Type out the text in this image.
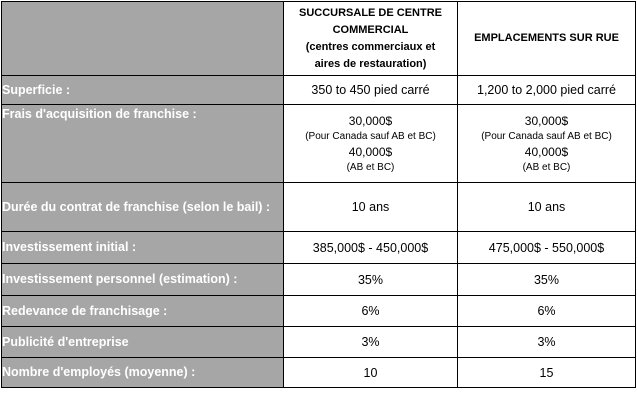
	SUCCURSALE DE CENTRE
COMMERCIAL
(centres commerciaux et
aires de restauration)	EMPLACEMENTS SUR RUE
Superficie :	350 to 450 pied carré	1,200 to 2,000 pied carré
Frais d'acquisition de franchise :	30,000$
(Pour Canada sauf AB et BC)
40,000$
(AB et BC)	30,000$
(Pour Canada sauf AB et BC)
40,000$
(AB et BC)

Durée du contrat de franchise (selon le bail) :	10 ans	10 ans
Investissement initial :	385,000$ - 450,000$	475,000$ - 550,000$
Investissement personnel (estimation) :	35%	35%
Redevance de franchisage :	6%	6%
Publicité d'entreprise	3%	3%
Nombre d'employés (moyenne) :	10	15
